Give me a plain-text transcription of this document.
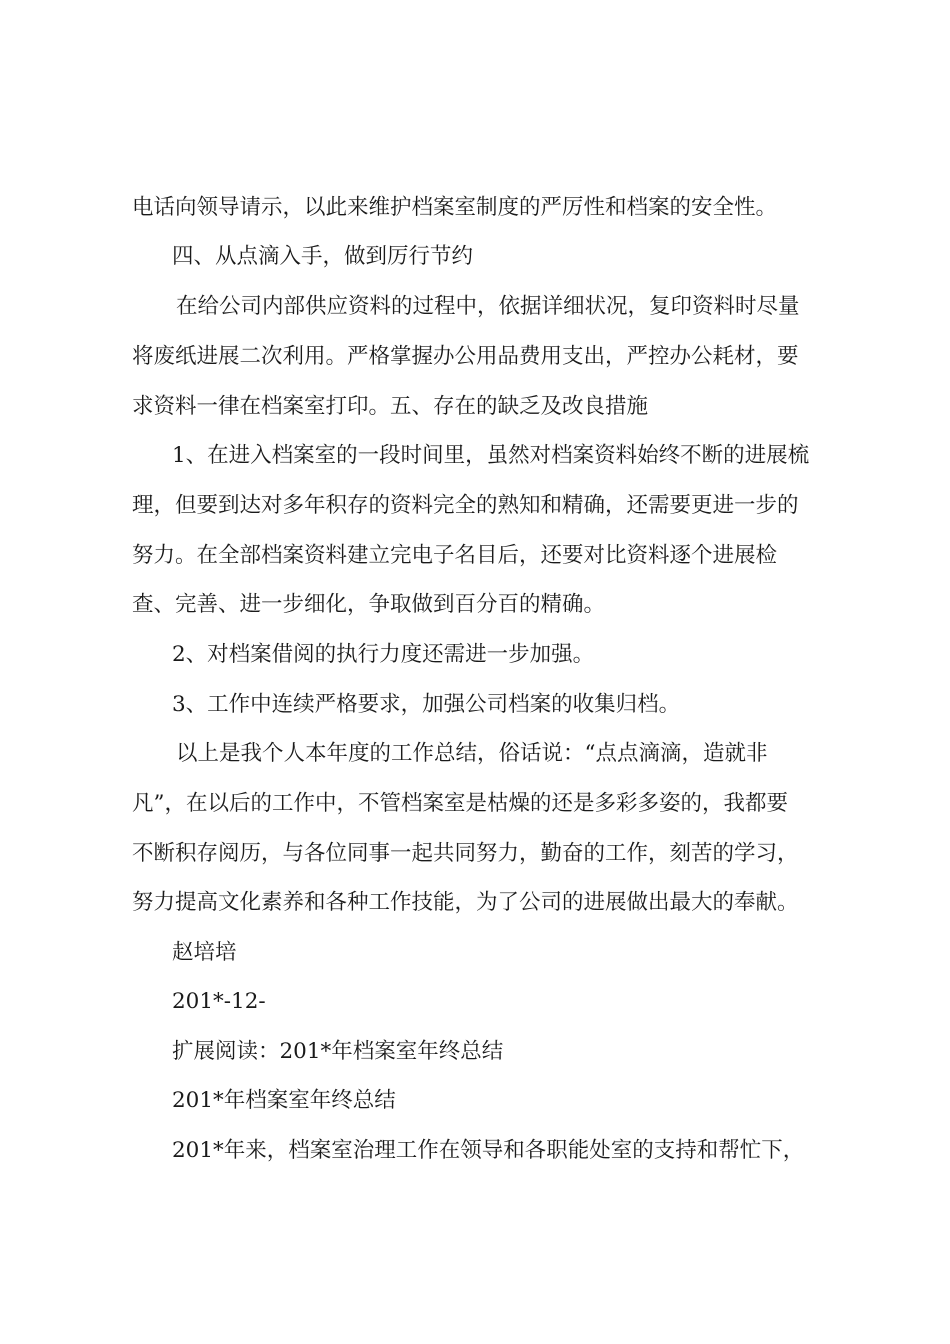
电话向领导请示，以此来维护档案室制度的严厉性和档案的安全性。
四、从点滴入手，做到厉行节约
在给公司内部供应资料的过程中，依据详细状况，复印资料时尽量
将废纸进展二次利用。严格掌握办公用品费用支出，严控办公耗材，要
求资料一律在档案室打印。五、存在的缺乏及改良措施
1、在进入档案室的一段时间里，虽然对档案资料始终不断的进展梳
理，但要到达对多年积存的资料完全的熟知和精确，还需要更进一步的
努力。在全部档案资料建立完电子名目后，还要对比资料逐个进展检
查、完善、进一步细化，争取做到百分百的精确。
2、对档案借阅的执行力度还需进一步加强。
3、工作中连续严格要求，加强公司档案的收集归档。
以上是我个人本年度的工作总结，俗话说：“点点滴滴，造就非
凡”，在以后的工作中，不管档案室是枯燥的还是多彩多姿的，我都要
不断积存阅历，与各位同事一起共同努力，勤奋的工作，刻苦的学习，
努力提高文化素养和各种工作技能，为了公司的进展做出最大的奉献。
赵培培
201*-12-
扩展阅读：201*年档案室年终总结
201*年档案室年终总结
201*年来，档案室治理工作在领导和各职能处室的支持和帮忙下，
